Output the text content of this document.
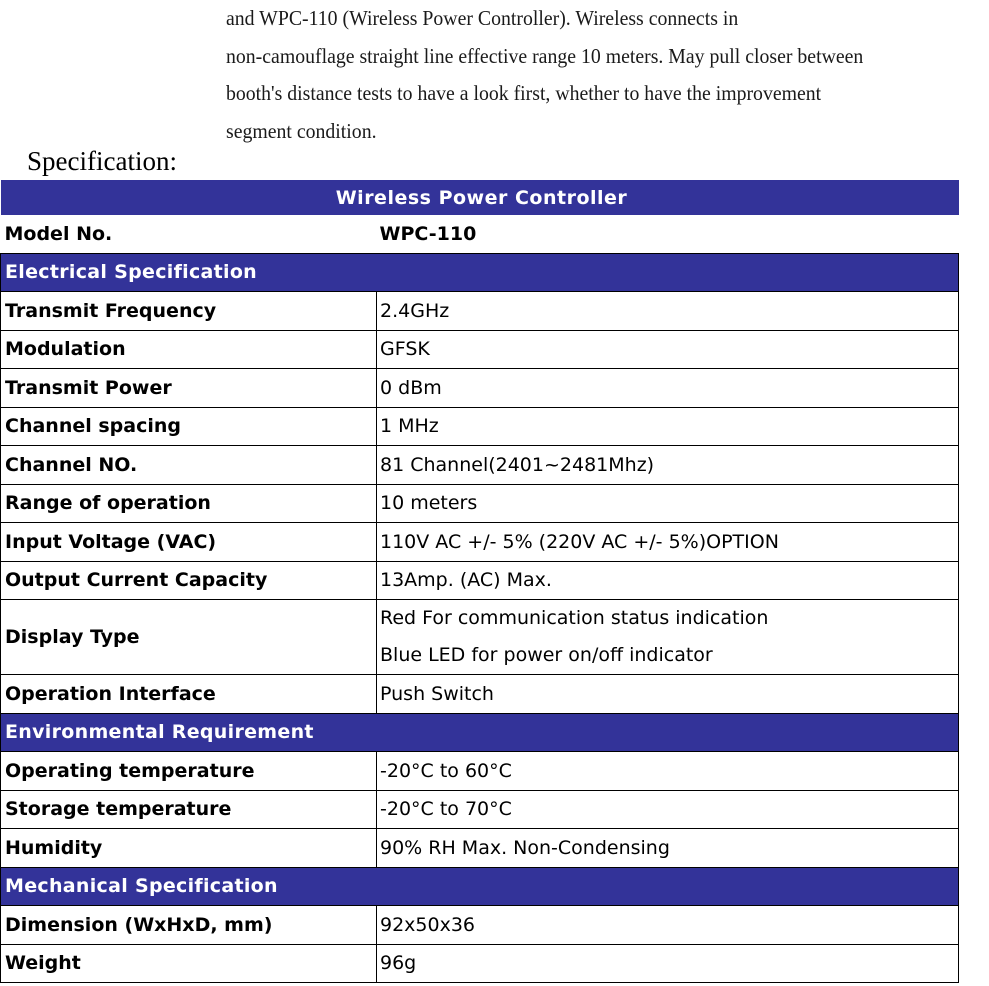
and WPC-110 (Wireless Power Controller). Wireless connects in
non-camouflage straight line effective range 10 meters. May pull closer between
booth's distance tests to have a look first, whether to have the improvement
segment condition.
Specification:
Wireless Power Controller	
Model No.	WPC-110
Electrical Specification	
Transmit Frequency	2.4GHz
Modulation	GFSK
Transmit Power	0 dBm
Channel spacing	1 MHz
Channel NO.	81 Channel(2401~2481Mhz)
Range of operation	10 meters
Input Voltage (VAC)	110V AC +/- 5% (220V AC +/- 5%)OPTION
Output Current Capacity	13Amp. (AC) Max.
Display Type	Red For communication status indication
Blue LED for power on/off indicator

Operation Interface	Push Switch
Environmental Requirement	
Operating temperature	-20°C to 60°C
Storage temperature	-20°C to 70°C
Humidity	90% RH Max. Non-Condensing
Mechanical Specification	
Dimension (WxHxD, mm)	92x50x36
Weight	96g
